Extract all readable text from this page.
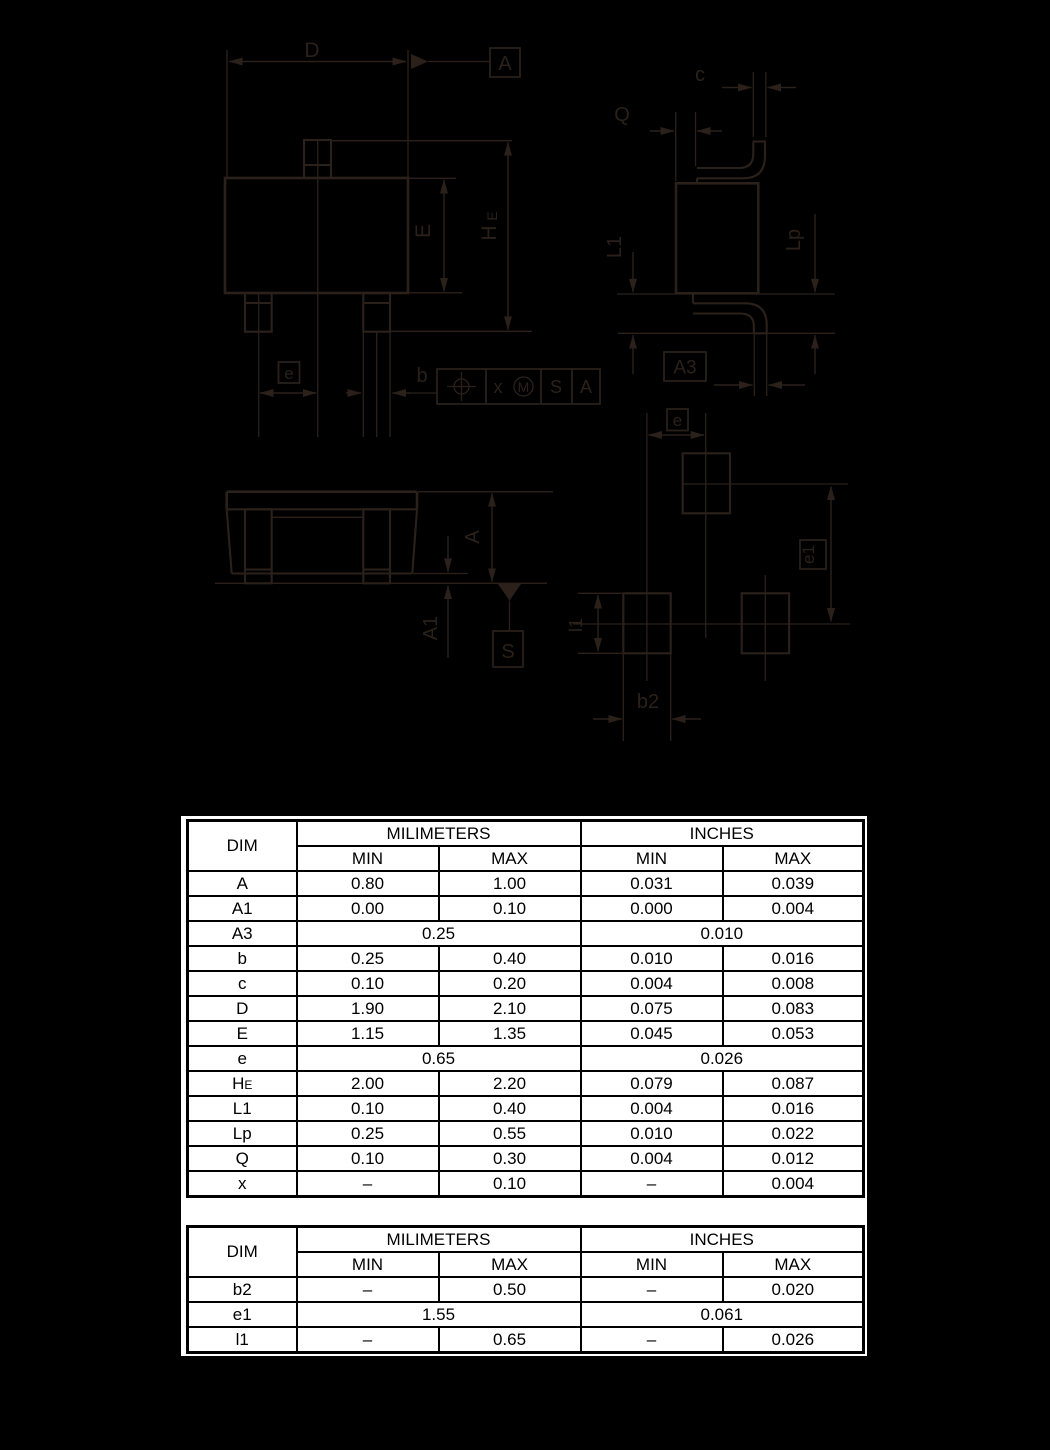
D
A
E H
E
e	b	x M S A
c
Q
L1	Lp
A3
A
A1
S
e
e1
l1
b2
DIM	MILIMETERS		INCHES	
	MIN	MAX	MIN	MAX
A	0.80	1.00	0.031	0.039
A1	0.00	0.10	0.000	0.004
A3	0.25		0.010	
b	0.25	0.40	0.010	0.016
c	0.10	0.20	0.004	0.008
D	1.90	2.10	0.075	0.083
E	1.15	1.35	0.045	0.053
e	0.65		0.026	
HE	2.00	2.20	0.079	0.087
L1	0.10	0.40	0.004	0.016
Lp	0.25	0.55	0.010	0.022
Q	0.10	0.30	0.004	0.012
x	–	0.10	–	0.004
DIM	MILIMETERS		INCHES	
	MIN	MAX	MIN	MAX
b2	–	0.50	–	0.020
e1	1.55		0.061	
l1	–	0.65	–	0.026
